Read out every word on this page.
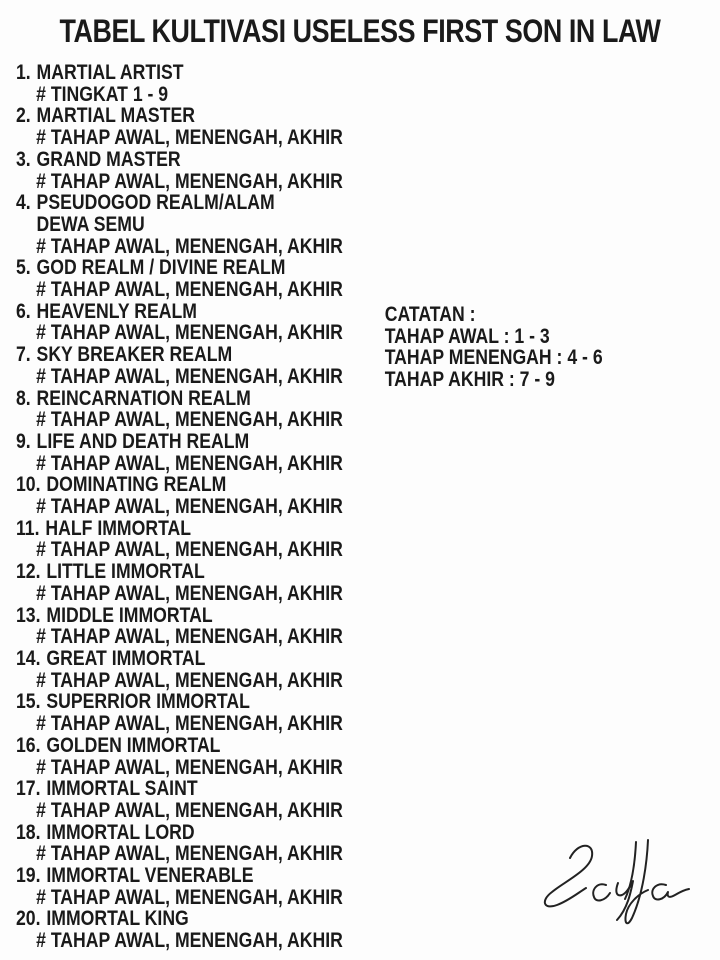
TABEL KULTIVASI USELESS FIRST SON IN LAW
1. MARTIAL ARTIST
# TINGKAT 1 - 9
2. MARTIAL MASTER
# TAHAP AWAL, MENENGAH, AKHIR
3. GRAND MASTER
# TAHAP AWAL, MENENGAH, AKHIR
4. PSEUDOGOD REALM/ALAM DEWA SEMU
# TAHAP AWAL, MENENGAH, AKHIR
5. GOD REALM / DIVINE REALM
# TAHAP AWAL, MENENGAH, AKHIR
6. HEAVENLY REALM
# TAHAP AWAL, MENENGAH, AKHIR
7. SKY BREAKER REALM
# TAHAP AWAL, MENENGAH, AKHIR
8. REINCARNATION REALM
# TAHAP AWAL, MENENGAH, AKHIR
9. LIFE AND DEATH REALM
# TAHAP AWAL, MENENGAH, AKHIR
10. DOMINATING REALM
# TAHAP AWAL, MENENGAH, AKHIR
11. HALF IMMORTAL
# TAHAP AWAL, MENENGAH, AKHIR
12. LITTLE IMMORTAL
# TAHAP AWAL, MENENGAH, AKHIR
13. MIDDLE IMMORTAL
# TAHAP AWAL, MENENGAH, AKHIR
14. GREAT IMMORTAL
# TAHAP AWAL, MENENGAH, AKHIR
15. SUPERRIOR IMMORTAL
# TAHAP AWAL, MENENGAH, AKHIR
16. GOLDEN IMMORTAL
# TAHAP AWAL, MENENGAH, AKHIR
17. IMMORTAL SAINT
# TAHAP AWAL, MENENGAH, AKHIR
18. IMMORTAL LORD
# TAHAP AWAL, MENENGAH, AKHIR
19. IMMORTAL VENERABLE
# TAHAP AWAL, MENENGAH, AKHIR
20. IMMORTAL KING
# TAHAP AWAL, MENENGAH, AKHIR

CATATAN :

TAHAP AWAL : 1 - 3

TAHAP MENENGAH : 4 - 6

TAHAP AKHIR : 7 - 9
